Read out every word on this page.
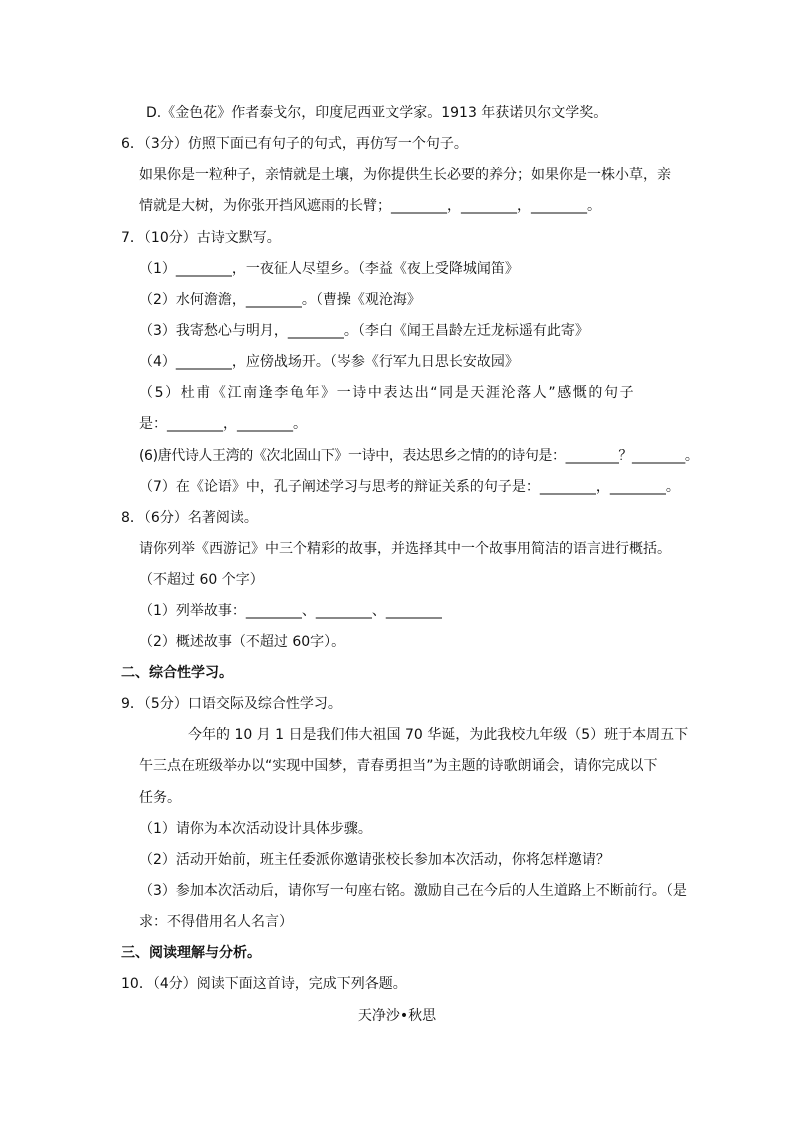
D.《金色花》作者泰戈尔，印度尼西亚文学家。1913 年获诺贝尔文学奖。
6．（3分）仿照下面已有句子的句式，再仿写一个句子。
如果你是一粒种子，亲情就是土壤，为你提供生长必要的养分；如果你是一株小草，亲
情就是大树，为你张开挡风遮雨的长臂；________，________，________。
7．（10分）古诗文默写。
（1）________，一夜征人尽望乡。（李益《夜上受降城闻笛》
（2）水何澹澹，________。（曹操《观沧海》
（3）我寄愁心与明月，________。（李白《闻王昌龄左迁龙标遥有此寄》
（4）________，应傍战场开。（岑参《行军九日思长安故园》
（5）杜甫《江南逢李龟年》一诗中表达出“同是天涯沦落人”感慨的句子
是：________，________。
(6)唐代诗人王湾的《次北固山下》一诗中，表达思乡之情的的诗句是：________？________。
（7）在《论语》中，孔子阐述学习与思考的辩证关系的句子是：________，________。
8．（6分）名著阅读。
请你列举《西游记》中三个精彩的故事，并选择其中一个故事用简洁的语言进行概括。
（不超过 60 个字）
（1）列举故事：________、________、________
（2）概述故事（不超过 60字）。
二、综合性学习。
9．（5分）口语交际及综合性学习。
今年的 10 月 1 日是我们伟大祖国 70 华诞，为此我校九年级（5）班于本周五下
午三点在班级举办以“实现中国梦，青春勇担当”为主题的诗歌朗诵会，请你完成以下
任务。
（1）请你为本次活动设计具体步骤。
（2）活动开始前，班主任委派你邀请张校长参加本次活动，你将怎样邀请？
（3）参加本次活动后，请你写一句座右铭。激励自己在今后的人生道路上不断前行。（是
求：不得借用名人名言）
三、阅读理解与分析。
10．（4分）阅读下面这首诗，完成下列各题。
天净沙•秋思
